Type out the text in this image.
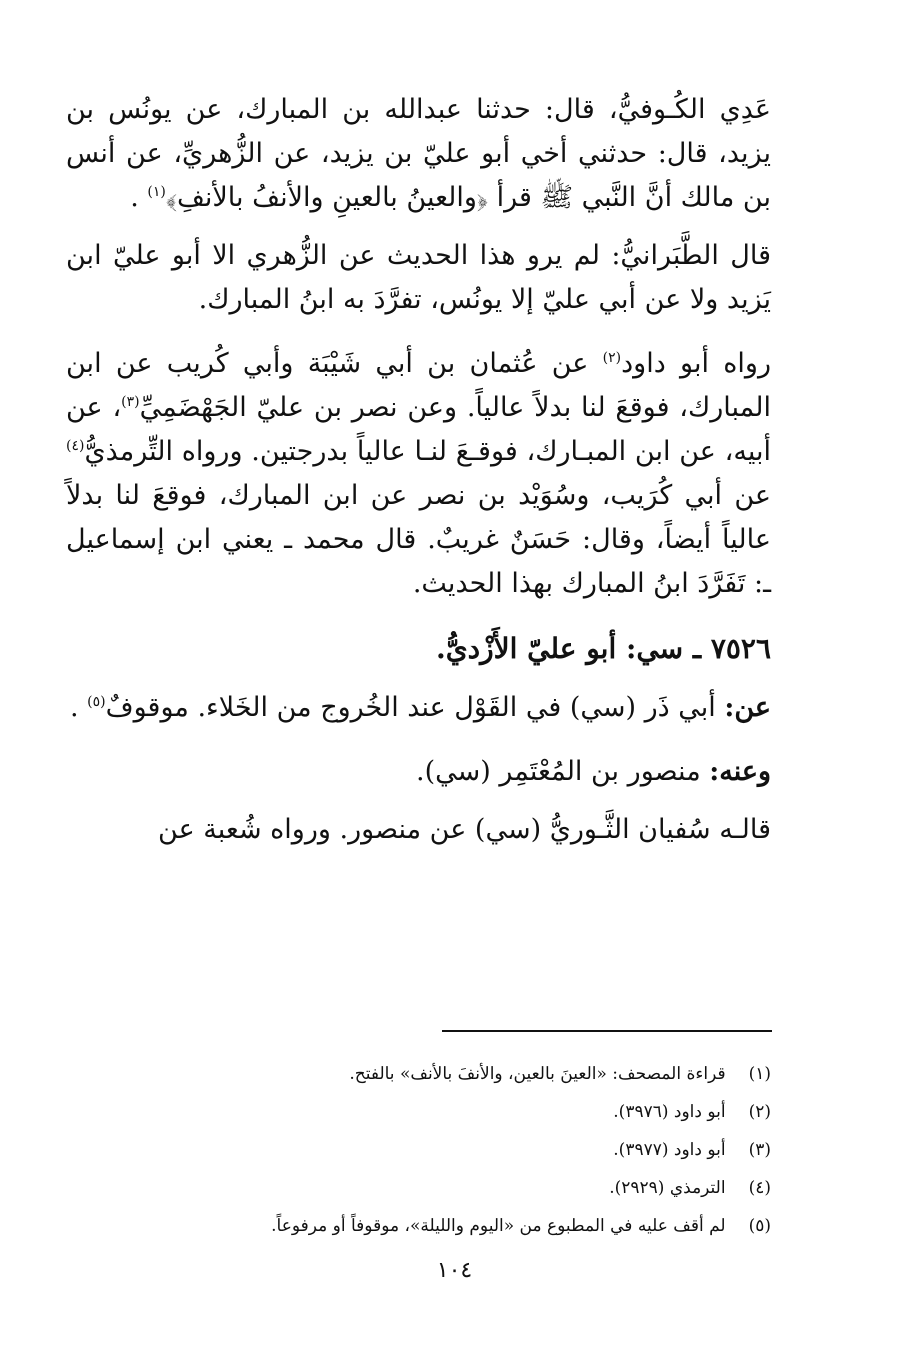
عَدِي الكُـوفيُّ، قال: حدثنا عبدالله بن المبارك، عن يونُس بن يزيد، قال: حدثني أخي أبو عليّ بن يزيد، عن الزُّهريِّ، عن أنس بن مالك أنَّ النَّبي ﷺ قرأ ﴿والعينُ بالعينِ والأنفُ بالأنفِ﴾$^{(١)}$ .

قال الطَّبَرانيُّ: لم يرو هذا الحديث عن الزُّهري الا أبو عليّ ابن يَزيد ولا عن أبي عليّ إلا يونُس، تفرَّدَ به ابنُ المبارك.

رواه أبو داود$^{(٢)}$ عن عُثمان بن أبي شَيْبَة وأبي كُريب عن ابن المبارك، فوقعَ لنا بدلاً عالياً. وعن نصر بن عليّ الجَهْضَمِيِّ$^{(٣)}$، عن أبيه، عن ابن المبـارك، فوقـعَ لنـا عالياً بدرجتين. ورواه التِّرمذيُّ$^{(٤)}$ عن أبي كُرَيب، وسُوَيْد بن نصر عن ابن المبارك، فوقعَ لنا بدلاً عالياً أيضاً، وقال: حَسَنٌ غريبٌ. قال محمد ـ يعني ابن إسماعيل ـ: تَفَرَّدَ ابنُ المبارك بهذا الحديث.

٧٥٢٦ ـ سي: أبو عليّ الأَزْديُّ.

عن: أبي ذَر (سي) في القَوْل عند الخُروج من الخَلاء. موقوفٌ$^{(٥)}$ .

وعنه: منصور بن المُعْتَمِر (سي).

قالـه سُفيان الثَّـوريُّ (سي) عن منصور. ورواه شُعبة عن

(١) قراءة المصحف: «العينَ بالعين، والأنفَ بالأنف» بالفتح.

(٢) أبو داود (٣٩٧٦).

(٣) أبو داود (٣٩٧٧).

(٤) الترمذي (٢٩٢٩).

(٥) لم أقف عليه في المطبوع من «اليوم والليلة»، موقوفاً أو مرفوعاً.

١٠٤
